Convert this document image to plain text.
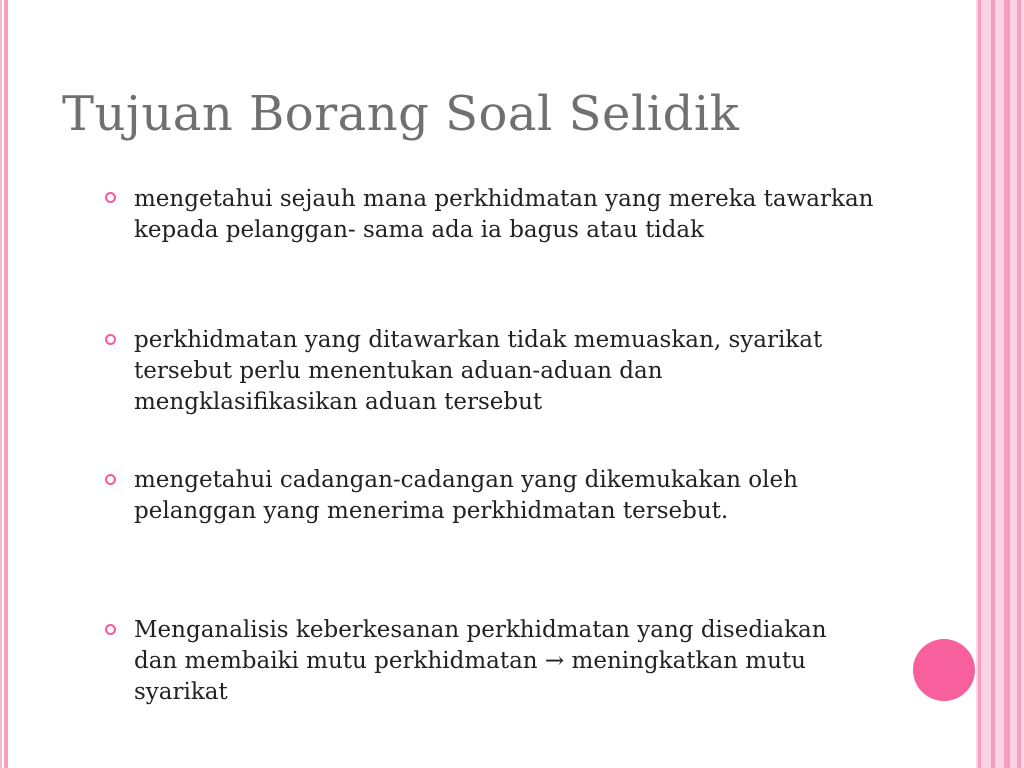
Tujuan Borang Soal Selidik
mengetahui sejauh mana perkhidmatan yang mereka tawarkan kepada pelanggan- sama ada ia bagus atau tidak
perkhidmatan yang ditawarkan tidak memuaskan, syarikat tersebut perlu menentukan aduan-aduan dan mengklasifikasikan aduan tersebut
mengetahui cadangan-cadangan yang dikemukakan oleh pelanggan yang menerima perkhidmatan tersebut.
Menganalisis keberkesanan perkhidmatan yang disediakan dan membaiki mutu perkhidmatan → meningkatkan mutu syarikat
